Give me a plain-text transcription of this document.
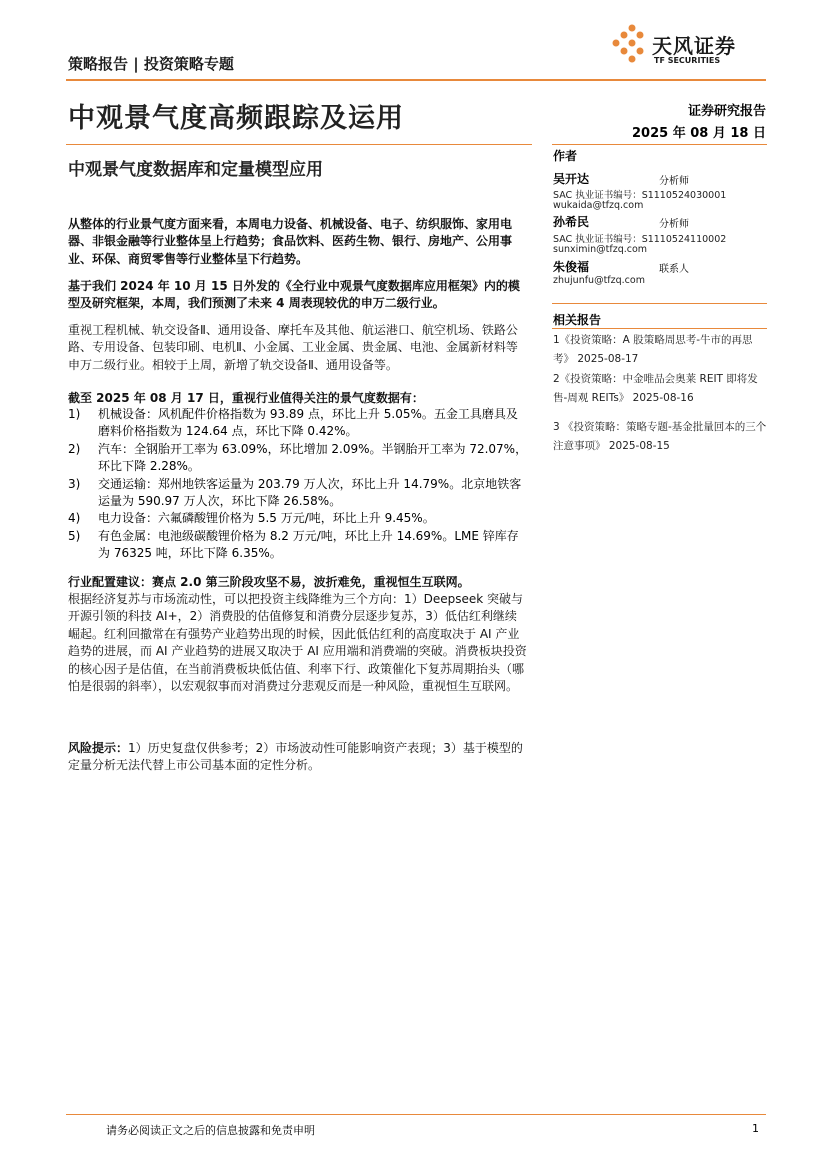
策略报告 | 投资策略专题
天风证券
TF SECURITIES
中观景气度高频跟踪及运用
中观景气度数据库和定量模型应用
证券研究报告
2025 年 08 月 18 日
作者
吴开达	分析师
SAC 执业证书编号：S1110524030001
wukaida@tfzq.com
孙希民	分析师
SAC 执业证书编号：S1110524110002
sunximin@tfzq.com
朱俊福	联系人
zhujunfu@tfzq.com
相关报告
1《投资策略：A 股策略周思考-牛市的再思考》 2025-08-17
2《投资策略：中金唯品会奥莱 REIT 即将发售-周观 REITs》 2025-08-16
3 《投资策略：策略专题-基金批量回本的三个注意事项》 2025-08-15
从整体的行业景气度方面来看，本周电力设备、机械设备、电子、纺织服饰、家用电器、非银金融等行业整体呈上行趋势；食品饮料、医药生物、银行、房地产、公用事业、环保、商贸零售等行业整体呈下行趋势。
基于我们 2024 年 10 月 15 日外发的《全行业中观景气度数据库应用框架》内的模型及研究框架，本周，我们预测了未来 4 周表现较优的申万二级行业。
重视工程机械、轨交设备Ⅱ、通用设备、摩托车及其他、航运港口、航空机场、铁路公路、专用设备、包装印刷、电机Ⅱ、小金属、工业金属、贵金属、电池、金属新材料等申万二级行业。相较于上周，新增了轨交设备Ⅱ、通用设备等。
截至 2025 年 08 月 17 日，重视行业值得关注的景气度数据有：
1)	机械设备：风机配件价格指数为 93.89 点，环比上升 5.05%。五金工具磨具及磨料价格指数为 124.64 点，环比下降 0.42%。
2)	汽车：全钢胎开工率为 63.09%，环比增加 2.09%。半钢胎开工率为 72.07%，环比下降 2.28%。
3)	交通运输：郑州地铁客运量为 203.79 万人次，环比上升 14.79%。北京地铁客运量为 590.97 万人次，环比下降 26.58%。
4)	电力设备：六氟磷酸锂价格为 5.5 万元/吨，环比上升 9.45%。
5)	有色金属：电池级碳酸锂价格为 8.2 万元/吨，环比上升 14.69%。LME 锌库存为 76325 吨，环比下降 6.35%。
行业配置建议：赛点 2.0 第三阶段攻坚不易，波折难免，重视恒生互联网。
根据经济复苏与市场流动性，可以把投资主线降维为三个方向：1）Deepseek 突破与开源引领的科技 AI+，2）消费股的估值修复和消费分层逐步复苏，3）低估红利继续崛起。红利回撤常在有强势产业趋势出现的时候，因此低估红利的高度取决于 AI 产业趋势的进展，而 AI 产业趋势的进展又取决于 AI 应用端和消费端的突破。消费板块投资的核心因子是估值，在当前消费板块低估值、利率下行、政策催化下复苏周期抬头（哪怕是很弱的斜率），以宏观叙事而对消费过分悲观反而是一种风险，重视恒生互联网。
风险提示：1）历史复盘仅供参考；2）市场波动性可能影响资产表现；3）基于模型的定量分析无法代替上市公司基本面的定性分析。
请务必阅读正文之后的信息披露和免责申明	1
